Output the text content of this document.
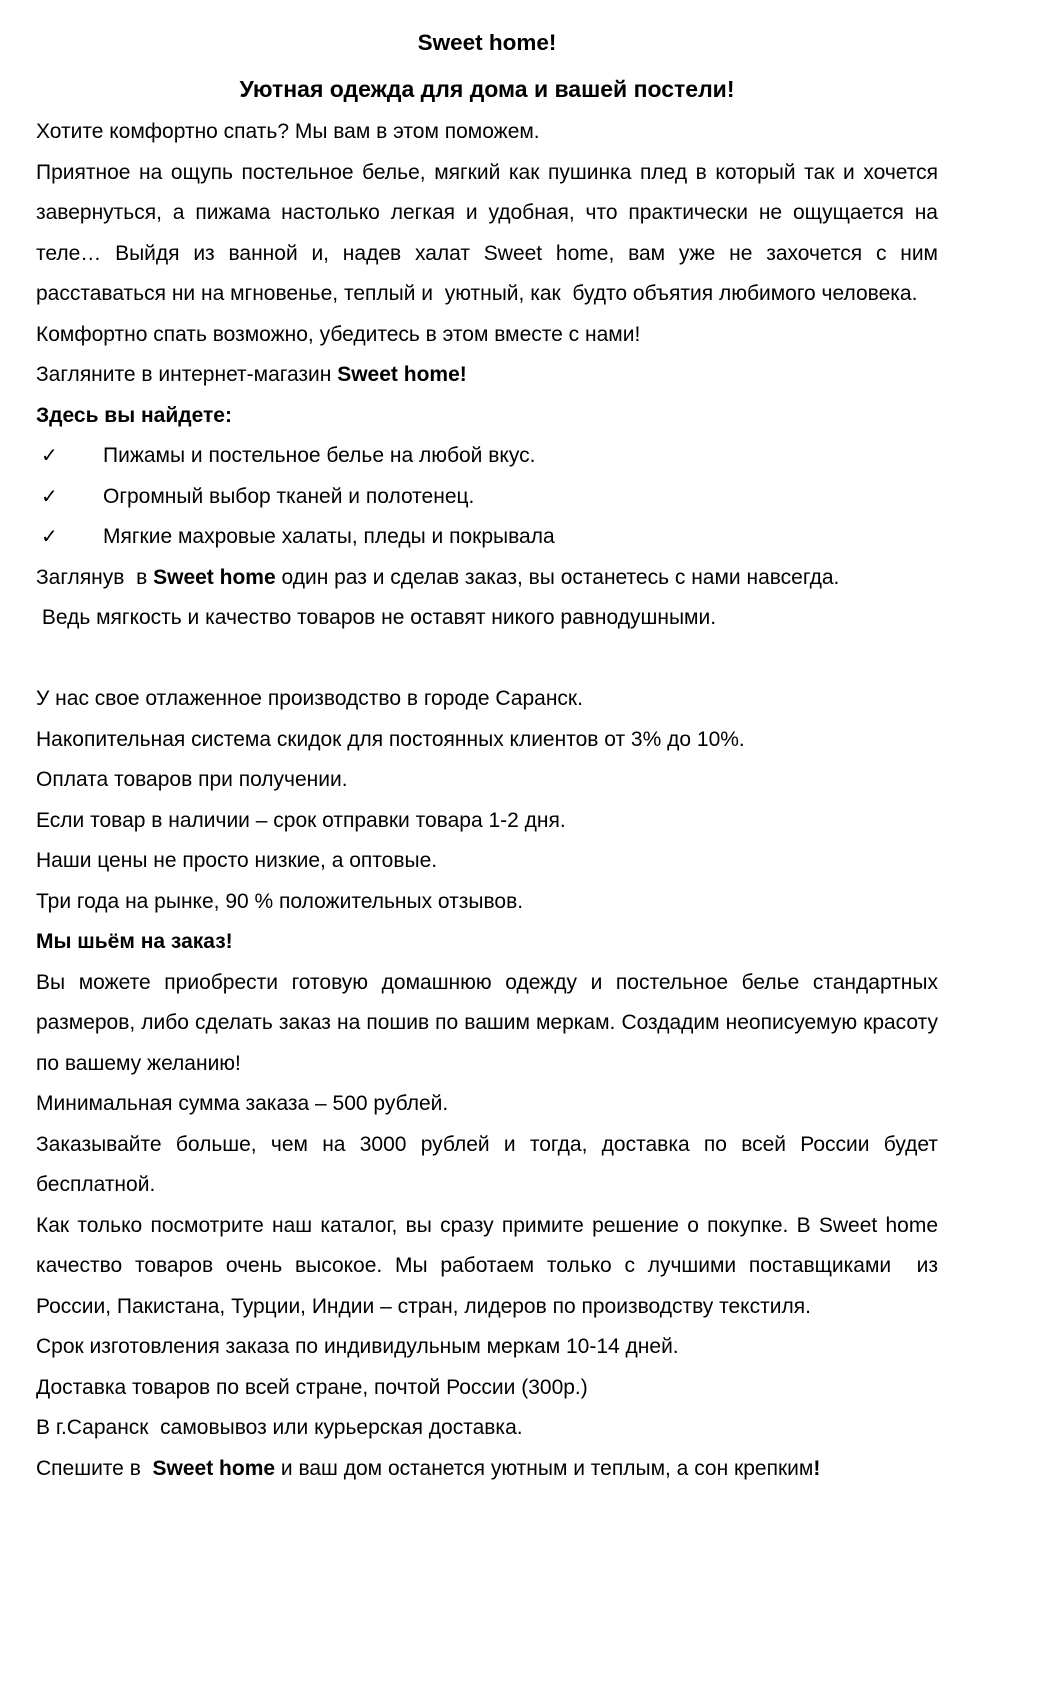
Sweet home!
Уютная одежда для дома и вашей постели!

Хотите комфортно спать? Мы вам в этом поможем.

Приятное на ощупь постельное белье, мягкий как пушинка плед в который так и хочется завернуться, а пижама настолько легкая и удобная, что практически не ощущается на теле… Выйдя из ванной и, надев халат Sweet home, вам уже не захочется с ним расставаться ни на мгновенье, теплый и  уютный, как  будто объятия любимого человека.

Комфортно спать возможно, убедитесь в этом вместе с нами!

Загляните в интернет-магазин Sweet home!

Здесь вы найдете:

✓ Пижамы и постельное белье на любой вкус.

✓ Огромный выбор тканей и полотенец.

✓ Мягкие махровые халаты, пледы и покрывала

Заглянув  в Sweet home один раз и сделав заказ, вы останетесь с нами навсегда.

Ведь мягкость и качество товаров не оставят никого равнодушными.

У нас свое отлаженное производство в городе Саранск.

Накопительная система скидок для постоянных клиентов от 3% до 10%.

Оплата товаров при получении.

Если товар в наличии – срок отправки товара 1-2 дня.

Наши цены не просто низкие, а оптовые.

Три года на рынке, 90 % положительных отзывов.

Мы шьём на заказ!

Вы можете приобрести готовую домашнюю одежду и постельное белье стандартных размеров, либо сделать заказ на пошив по вашим меркам. Создадим неописуемую красоту по вашему желанию!

Минимальная сумма заказа – 500 рублей.

Заказывайте больше, чем на 3000 рублей и тогда, доставка по всей России будет бесплатной.

Как только посмотрите наш каталог, вы сразу примите решение о покупке. В Sweet home качество товаров очень высокое. Мы работаем только с лучшими поставщиками  из России, Пакистана, Турции, Индии – стран, лидеров по производству текстиля.

Срок изготовления заказа по индивидульным меркам 10-14 дней.

Доставка товаров по всей стране, почтой России (300р.)

В г.Саранск  самовывоз или курьерская доставка.

Спешите в  Sweet home и ваш дом останется уютным и теплым, а сон крепким!
